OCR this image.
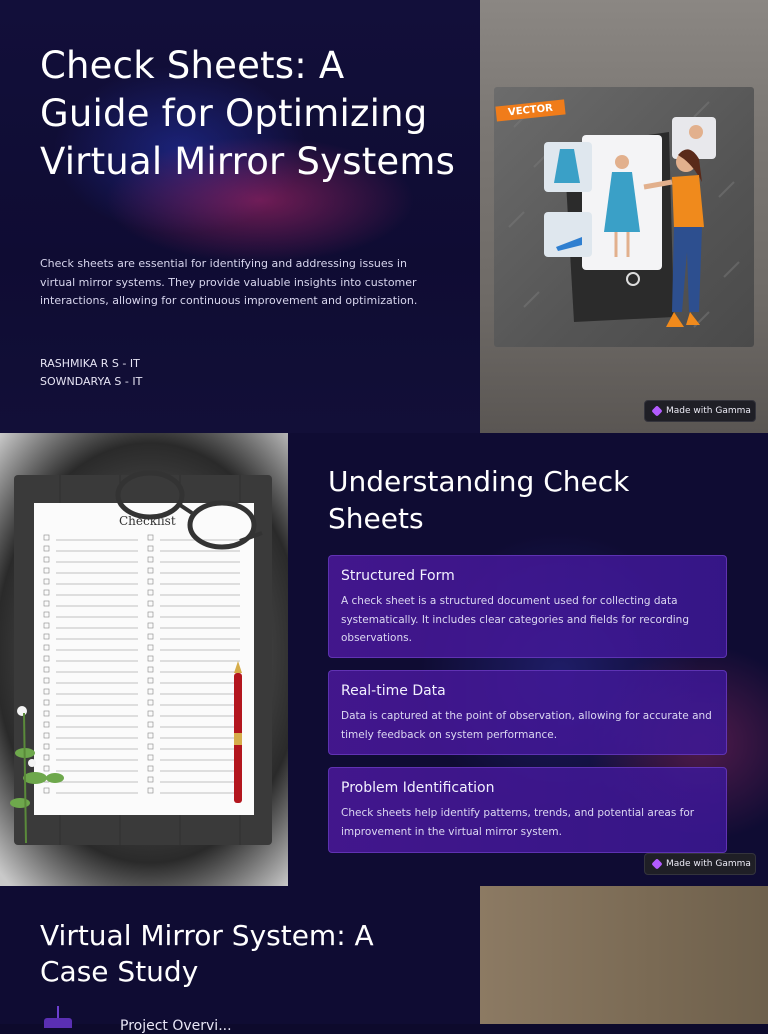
Check Sheets: A Guide for Optimizing Virtual Mirror Systems

Check sheets are essential for identifying and addressing issues in virtual mirror systems. They provide valuable insights into customer interactions, allowing for continuous improvement and optimization.

RASHMIKA R S - IT
SOWNDARYA S - IT
VECTOR
Made with Gamma
Checklist
Understanding Check Sheets
Structured Form

A check sheet is a structured document used for collecting data systematically. It includes clear categories and fields for recording observations.

Real-time Data

Data is captured at the point of observation, allowing for accurate and timely feedback on system performance.

Problem Identification

Check sheets help identify patterns, trends, and potential areas for improvement in the virtual mirror system.

Made with Gamma
Virtual Mirror System: A Case Study
Project Overvi...
